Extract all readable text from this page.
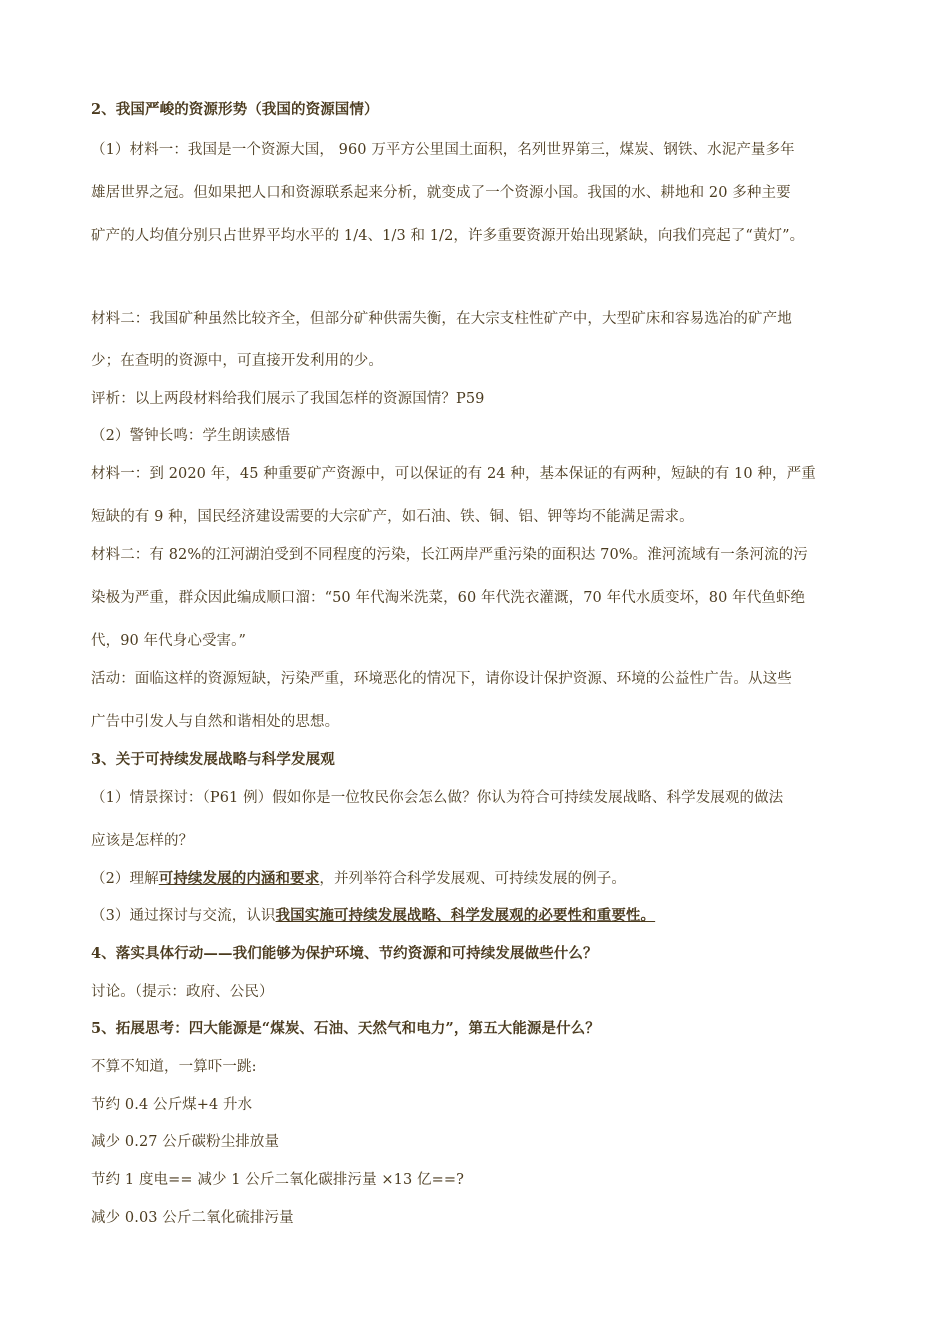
2、我国严峻的资源形势（我国的资源国情）
（1）材料一：我国是一个资源大国， 960 万平方公里国土面积，名列世界第三，煤炭、钢铁、水泥产量多年
雄居世界之冠。但如果把人口和资源联系起来分析，就变成了一个资源小国。我国的水、耕地和 20 多种主要
矿产的人均值分别只占世界平均水平的 1/4、1/3 和 1/2，许多重要资源开始出现紧缺，向我们亮起了“黄灯”。
材料二：我国矿种虽然比较齐全，但部分矿种供需失衡，在大宗支柱性矿产中，大型矿床和容易选冶的矿产地
少；在查明的资源中，可直接开发利用的少。
评析：以上两段材料给我们展示了我国怎样的资源国情？P59
（2）警钟长鸣：学生朗读感悟
材料一：到 2020 年，45 种重要矿产资源中，可以保证的有 24 种，基本保证的有两种，短缺的有 10 种，严重
短缺的有 9 种，国民经济建设需要的大宗矿产，如石油、铁、铜、铝、钾等均不能满足需求。
材料二：有 82%的江河湖泊受到不同程度的污染，长江两岸严重污染的面积达 70%。淮河流域有一条河流的污
染极为严重，群众因此编成顺口溜：“50 年代淘米洗菜，60 年代洗衣灌溉，70 年代水质变坏，80 年代鱼虾绝
代，90 年代身心受害。”
活动：面临这样的资源短缺，污染严重，环境恶化的情况下，请你设计保护资源、环境的公益性广告。从这些
广告中引发人与自然和谐相处的思想。
3、关于可持续发展战略与科学发展观
（1）情景探讨：（P61 例）假如你是一位牧民你会怎么做？你认为符合可持续发展战略、科学发展观的做法
应该是怎样的？
（2）理解可持续发展的内涵和要求，并列举符合科学发展观、可持续发展的例子。
（3）通过探讨与交流，认识我国实施可持续发展战略、科学发展观的必要性和重要性。
4、落实具体行动——我们能够为保护环境、节约资源和可持续发展做些什么？
讨论。（提示：政府、公民）
5、拓展思考：四大能源是“煤炭、石油、天然气和电力”，第五大能源是什么？
不算不知道，一算吓一跳:
节约 0.4 公斤煤+4 升水
减少 0.27 公斤碳粉尘排放量
节约 1 度电== 减少 1 公斤二氧化碳排污量 ×13 亿==?
减少 0.03 公斤二氧化硫排污量
